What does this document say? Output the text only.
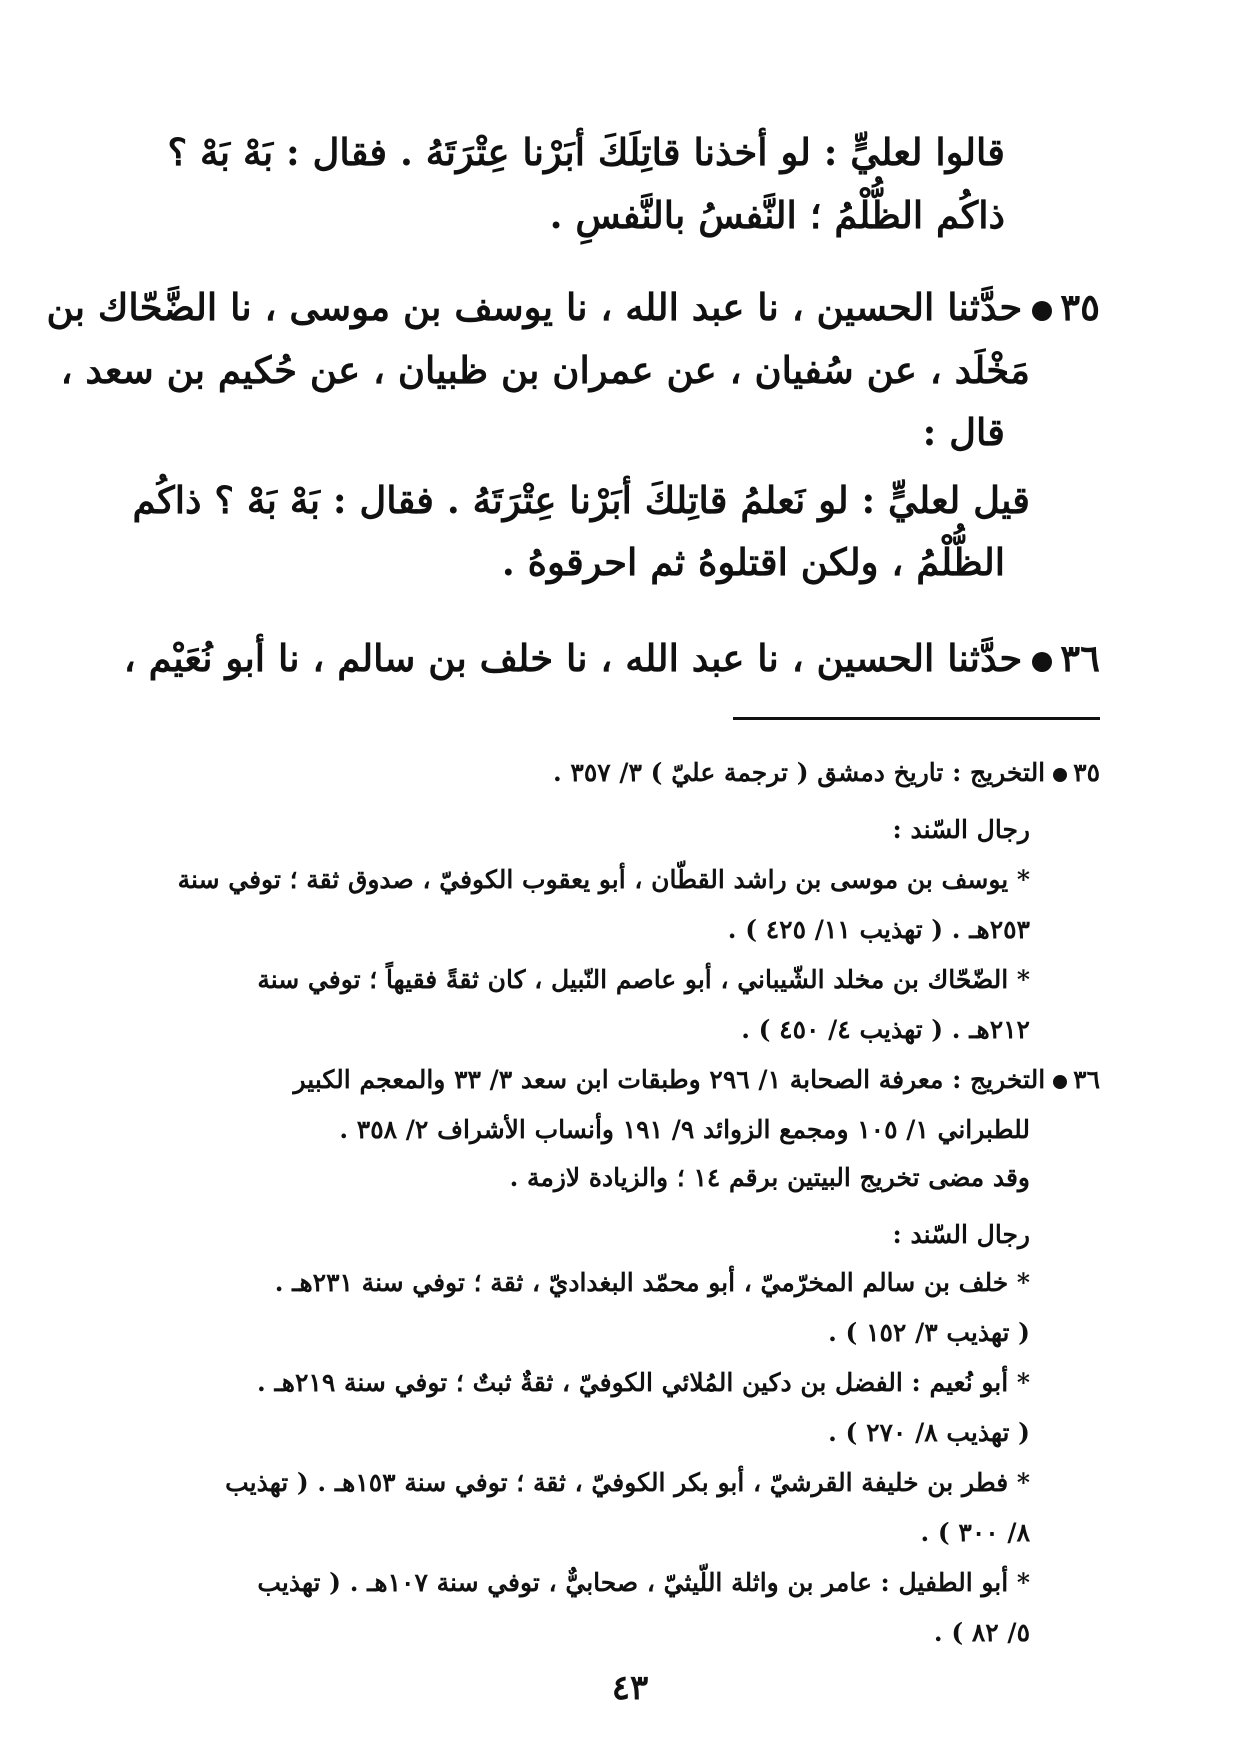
قالوا لعليٍّ : لو أخذنا قاتِلَكَ أبَرْنا عِتْرَتَهُ . فقال : بَهْ بَهْ ؟
ذاكُم الظُّلْمُ ؛ النَّفسُ بالنَّفسِ .
٣٥حدَّثنا الحسين ، نا عبد الله ، نا يوسف بن موسى ، نا الضَّحّاك بن
مَخْلَد ، عن سُفيان ، عن عمران بن ظبيان ، عن حُكيم بن سعد ،
قال :
قيل لعليٍّ : لو نَعلمُ قاتِلكَ أبَرْنا عِتْرَتَهُ . فقال : بَهْ بَهْ ؟ ذاكُم
الظُّلْمُ ، ولكن اقتلوهُ ثم احرقوهُ .
٣٦حدَّثنا الحسين ، نا عبد الله ، نا خلف بن سالم ، نا أبو نُعَيْم ،
٣٥التخريج : تاريخ دمشق ( ترجمة عليّ ) ٣/ ٣٥٧ .
رجال السّند :
* يوسف بن موسى بن راشد القطّان ، أبو يعقوب الكوفيّ ، صدوق ثقة ؛ توفي سنة
٢٥٣هـ . ( تهذيب ١١/ ٤٢٥ ) .
* الضّحّاك بن مخلد الشّيباني ، أبو عاصم النّبيل ، كان ثقةً فقيهاً ؛ توفي سنة
٢١٢هـ . ( تهذيب ٤/ ٤٥٠ ) .
٣٦التخريج : معرفة الصحابة ١/ ٢٩٦ وطبقات ابن سعد ٣/ ٣٣ والمعجم الكبير
للطبراني ١/ ١٠٥ ومجمع الزوائد ٩/ ١٩١ وأنساب الأشراف ٢/ ٣٥٨ .
وقد مضى تخريج البيتين برقم ١٤ ؛ والزيادة لازمة .
رجال السّند :
* خلف بن سالم المخرّميّ ، أبو محمّد البغداديّ ، ثقة ؛ توفي سنة ٢٣١هـ .
( تهذيب ٣/ ١٥٢ ) .
* أبو نُعيم : الفضل بن دكين المُلائي الكوفيّ ، ثقةٌ ثبتٌ ؛ توفي سنة ٢١٩هـ .
( تهذيب ٨/ ٢٧٠ ) .
* فطر بن خليفة القرشيّ ، أبو بكر الكوفيّ ، ثقة ؛ توفي سنة ١٥٣هـ . ( تهذيب
٨/ ٣٠٠ ) .
* أبو الطفيل : عامر بن واثلة اللّيثيّ ، صحابيٌّ ، توفي سنة ١٠٧هـ . ( تهذيب
٥/ ٨٢ ) .
٤٣
